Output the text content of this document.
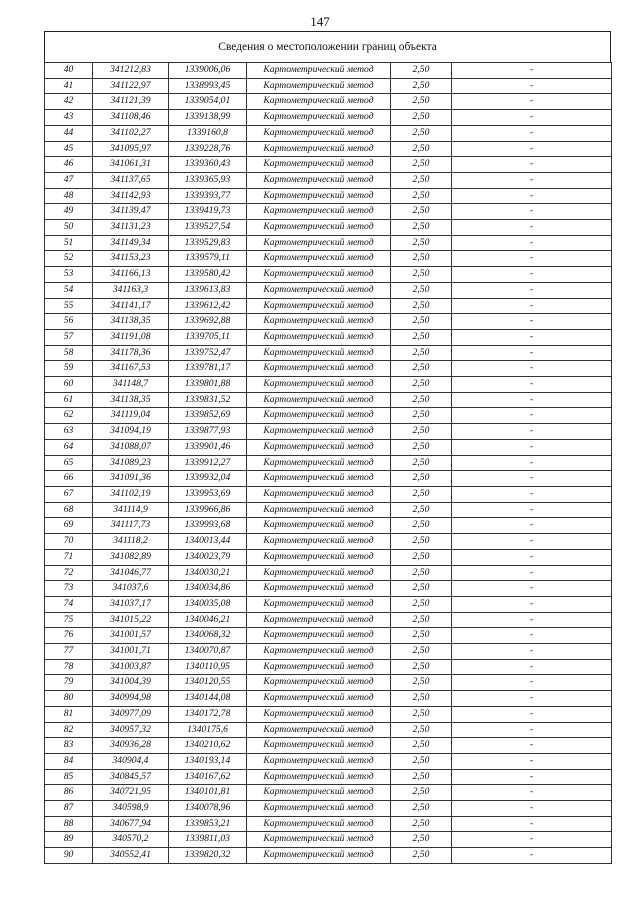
147
Сведения о местоположении границ объекта
40	341212,83	1339006,06	Картометрический метод	2,50	-
41	341122,97	1338993,45	Картометрический метод	2,50	-
42	341121,39	1339054,01	Картометрический метод	2,50	-
43	341108,46	1339138,99	Картометрический метод	2,50	-
44	341102,27	1339160,8	Картометрический метод	2,50	-
45	341095,97	1339228,76	Картометрический метод	2,50	-
46	341061,31	1339360,43	Картометрический метод	2,50	-
47	341137,65	1339365,93	Картометрический метод	2,50	-
48	341142,93	1339393,77	Картометрический метод	2,50	-
49	341139,47	1339419,73	Картометрический метод	2,50	-
50	341131,23	1339527,54	Картометрический метод	2,50	-
51	341149,34	1339529,83	Картометрический метод	2,50	-
52	341153,23	1339579,11	Картометрический метод	2,50	-
53	341166,13	1339580,42	Картометрический метод	2,50	-
54	341163,3	1339613,83	Картометрический метод	2,50	-
55	341141,17	1339612,42	Картометрический метод	2,50	-
56	341138,35	1339692,88	Картометрический метод	2,50	-
57	341191,08	1339705,11	Картометрический метод	2,50	-
58	341178,36	1339752,47	Картометрический метод	2,50	-
59	341167,53	1339781,17	Картометрический метод	2,50	-
60	341148,7	1339801,88	Картометрический метод	2,50	-
61	341138,35	1339831,52	Картометрический метод	2,50	-
62	341119,04	1339852,69	Картометрический метод	2,50	-
63	341094,19	1339877,93	Картометрический метод	2,50	-
64	341088,07	1339901,46	Картометрический метод	2,50	-
65	341089,23	1339912,27	Картометрический метод	2,50	-
66	341091,36	1339932,04	Картометрический метод	2,50	-
67	341102,19	1339953,69	Картометрический метод	2,50	-
68	341114,9	1339966,86	Картометрический метод	2,50	-
69	341117,73	1339993,68	Картометрический метод	2,50	-
70	341118,2	1340013,44	Картометрический метод	2,50	-
71	341082,89	1340023,79	Картометрический метод	2,50	-
72	341046,77	1340030,21	Картометрический метод	2,50	-
73	341037,6	1340034,86	Картометрический метод	2,50	-
74	341037,17	1340035,08	Картометрический метод	2,50	-
75	341015,22	1340046,21	Картометрический метод	2,50	-
76	341001,57	1340068,32	Картометрический метод	2,50	-
77	341001,71	1340070,87	Картометрический метод	2,50	-
78	341003,87	1340110,95	Картометрический метод	2,50	-
79	341004,39	1340120,55	Картометрический метод	2,50	-
80	340994,98	1340144,08	Картометрический метод	2,50	-
81	340977,09	1340172,78	Картометрический метод	2,50	-
82	340957,32	1340175,6	Картометрический метод	2,50	-
83	340936,28	1340210,62	Картометрический метод	2,50	-
84	340904,4	1340193,14	Картометрический метод	2,50	-
85	340845,57	1340167,62	Картометрический метод	2,50	-
86	340721,95	1340101,81	Картометрический метод	2,50	-
87	340598,9	1340078,96	Картометрический метод	2,50	-
88	340677,94	1339853,21	Картометрический метод	2,50	-
89	340570,2	1339811,03	Картометрический метод	2,50	-
90	340552,41	1339820,32	Картометрический метод	2,50	-
